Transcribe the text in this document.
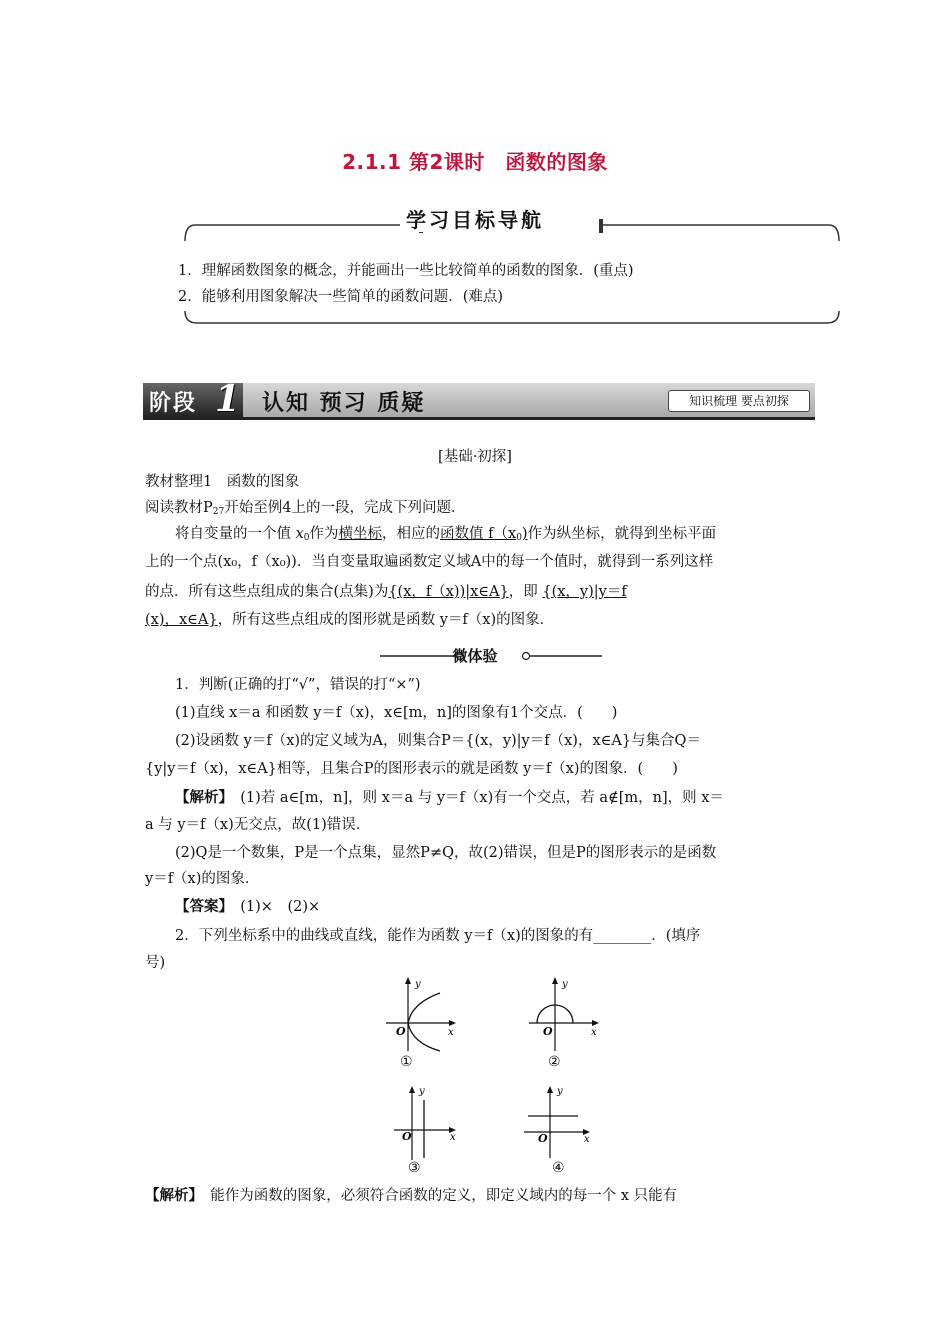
2.1.1 第2课时　函数的图象
学习目标导航
1．理解函数图象的概念，并能画出一些比较简单的函数的图象．(重点)
2．能够利用图象解决一些简单的函数问题．(难点)
阶段 1 认知 预习 质疑	知识梳理 要点初探
[基础·初探]
教材整理1　函数的图象
阅读教材$P_{27}$开始至例4上的一段，完成下列问题．
将自变量的一个值 $x_0$作为横坐标，相应的函数值 $f(x_0)$作为纵坐标，就得到坐标平面
上的一个点(x₀，f（x₀))．当自变量取遍函数定义域A中的每一个值时，就得到一系列这样
的点．所有这些点组成的集合(点集)为{(x，f（x))|x∈A}，即 {(x，y)|y＝f
(x)，x∈A}，所有这些点组成的图形就是函数 y＝f（x)的图象．
微体验
1．判断(正确的打“√”，错误的打“×”)
(1)直线 x＝a 和函数 y＝f（x)，x∈[m，n]的图象有1个交点．(　　)
(2)设函数 y＝f（x)的定义域为A，则集合P＝{(x，y)|y＝f（x)，x∈A}与集合Q＝
{y|y＝f（x)，x∈A}相等，且集合P的图形表示的就是函数 y＝f（x)的图象．(　　)
【解析】　 (1)若 a∈[m，n]，则 x＝a 与 y＝f（x)有一个交点，若 a∉[m，n]，则 x＝
a 与 y＝f（x)无交点，故(1)错误．
(2)Q是一个数集，P是一个点集，显然P≠Q，故(2)错误，但是P的图形表示的是函数
y＝f（x)的图象．
【答案】　 (1)×　(2)×
2．下列坐标系中的曲线或直线，能作为函数 y＝f（x)的图象的有________．(填序
号)
y
x
O
①
y
x
O
②
y
x
O
③
y
x
O
④
【解析】　 能作为函数的图象，必须符合函数的定义，即定义域内的每一个 x 只能有
